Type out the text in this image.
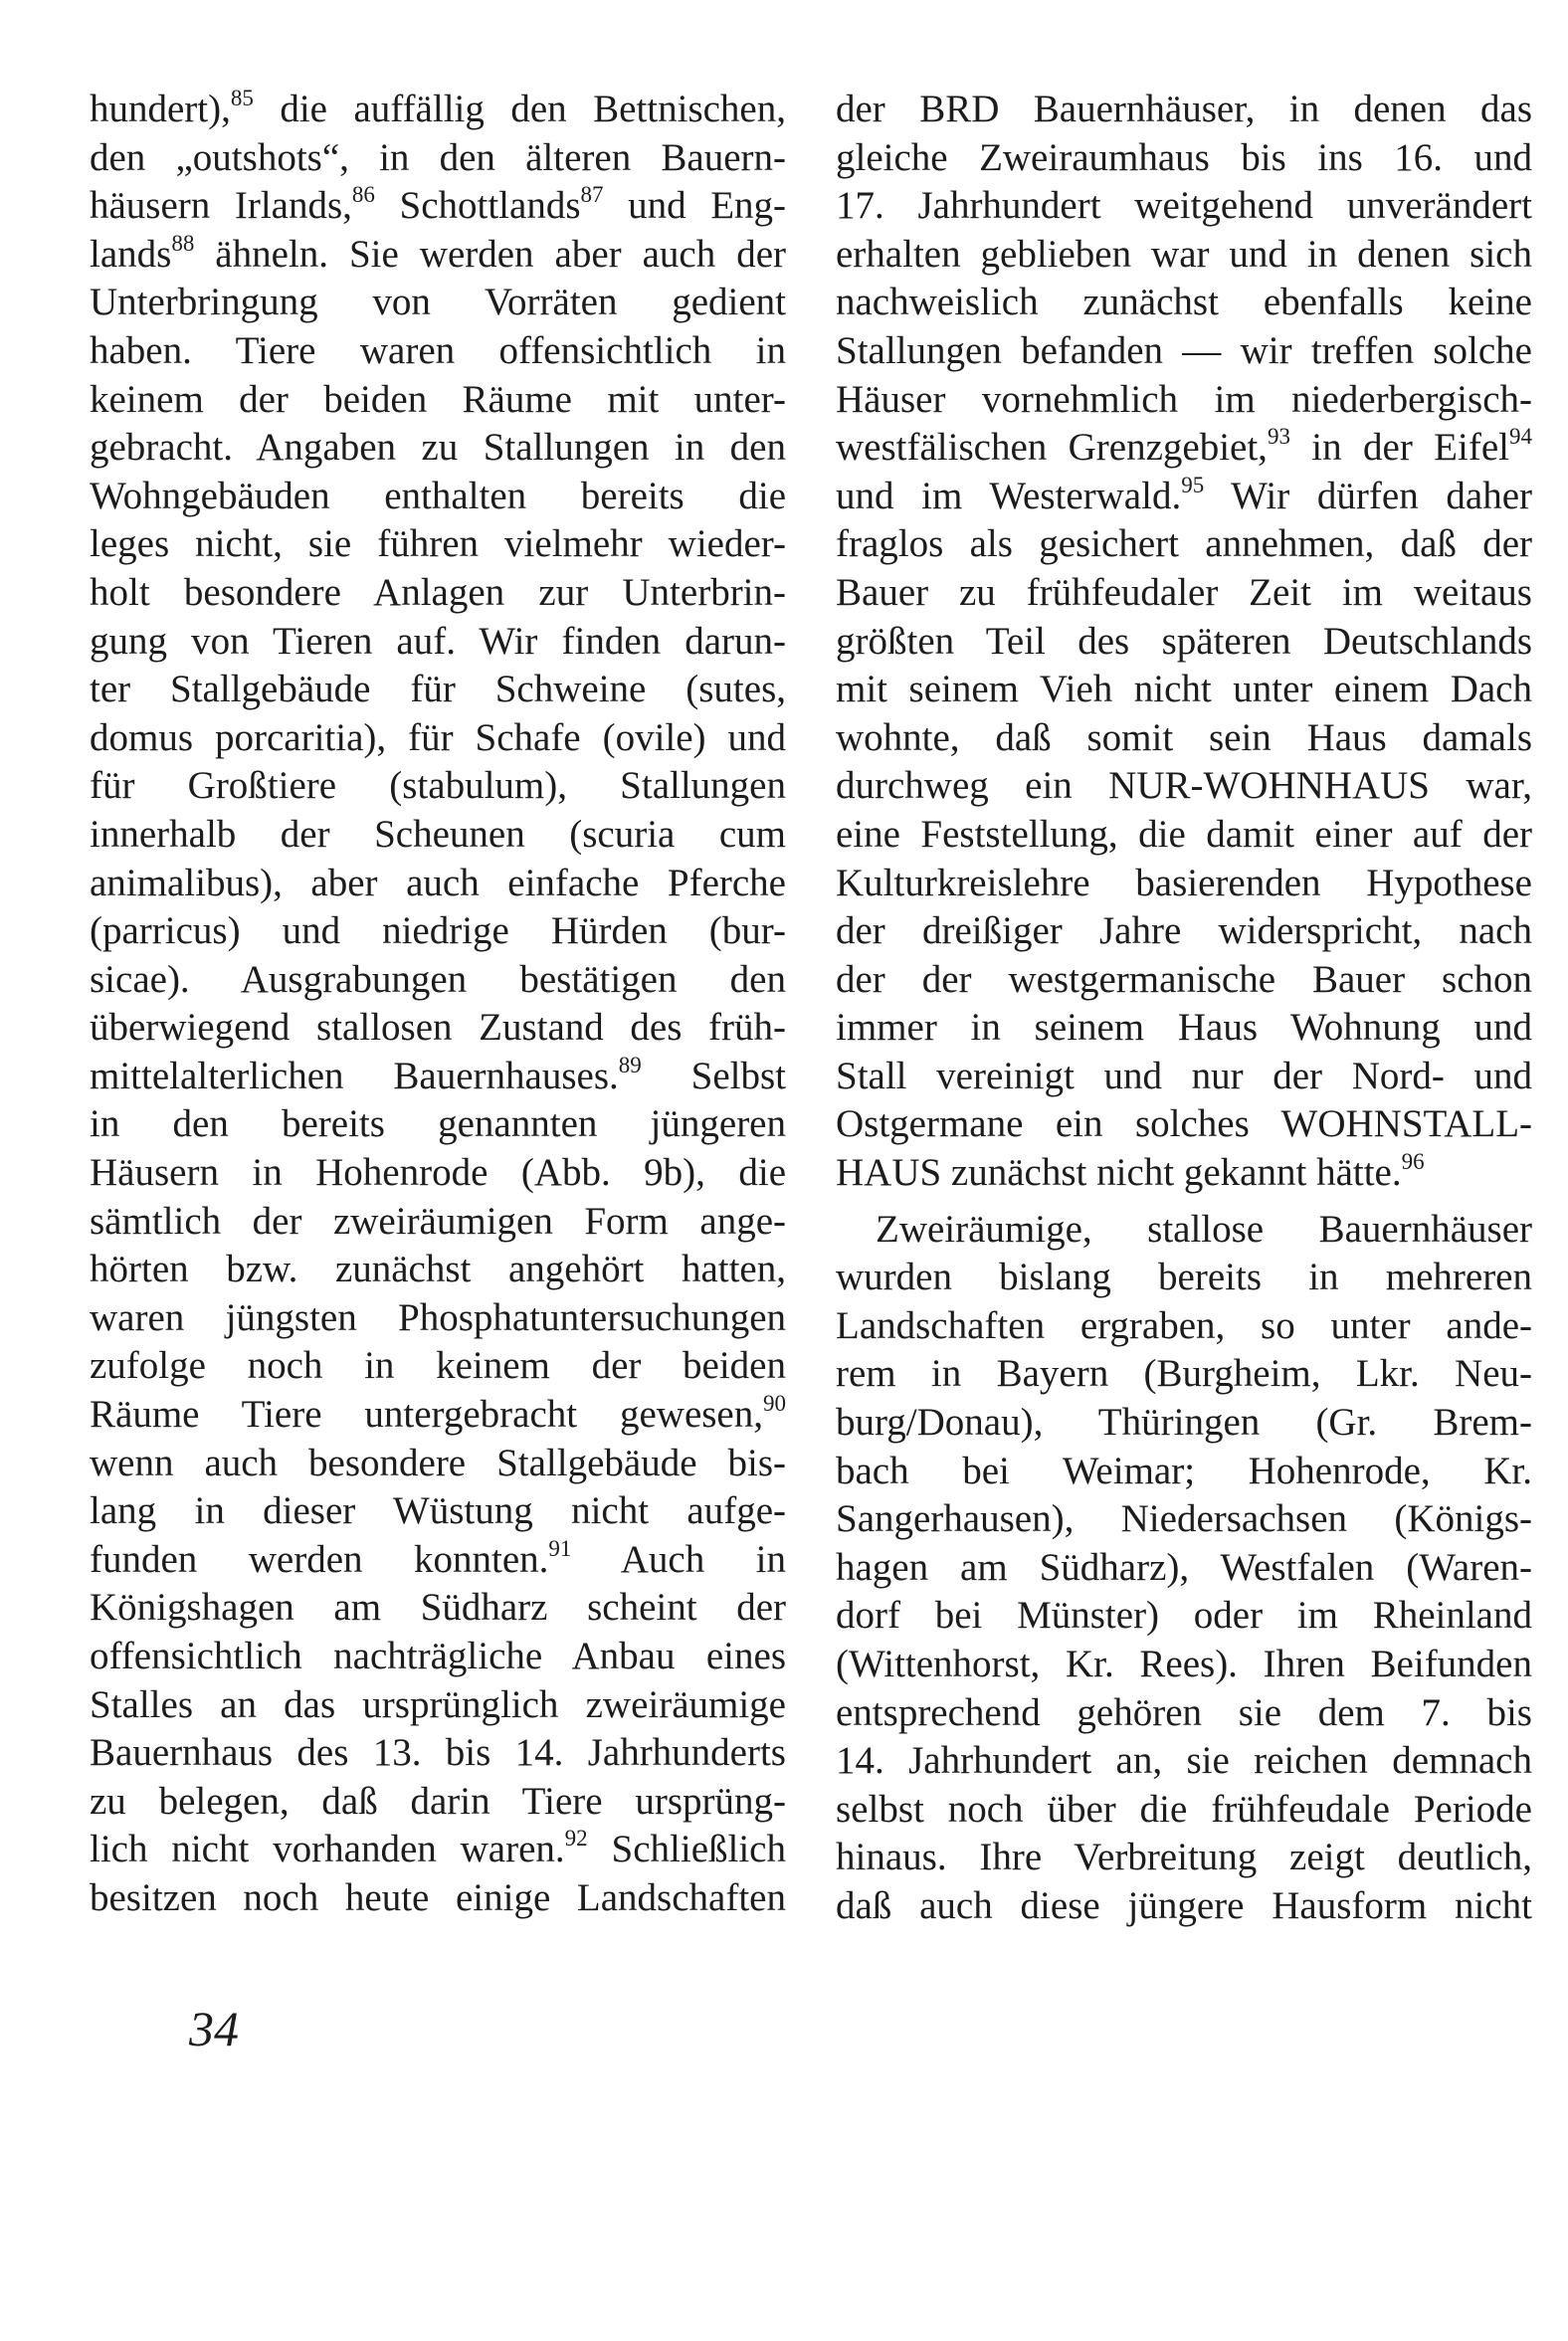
hundert),$^{85}$ die auffällig den Bettnischen,
den „outshots“, in den älteren Bauern-
häusern Irlands,$^{86}$ Schottlands$^{87}$ und Eng-
lands$^{88}$ ähneln. Sie werden aber auch der
Unterbringung von Vorräten gedient
haben. Tiere waren offensichtlich in
keinem der beiden Räume mit unter-
gebracht. Angaben zu Stallungen in den
Wohngebäuden enthalten bereits die
leges nicht, sie führen vielmehr wieder-
holt besondere Anlagen zur Unterbrin-
gung von Tieren auf. Wir finden darun-
ter Stallgebäude für Schweine (sutes,
domus porcaritia), für Schafe (ovile) und
für Großtiere (stabulum), Stallungen
innerhalb der Scheunen (scuria cum
animalibus), aber auch einfache Pferche
(parricus) und niedrige Hürden (bur-
sicae). Ausgrabungen bestätigen den
überwiegend stallosen Zustand des früh-
mittelalterlichen Bauernhauses.$^{89}$ Selbst
in den bereits genannten jüngeren
Häusern in Hohenrode (Abb. 9b), die
sämtlich der zweiräumigen Form ange-
hörten bzw. zunächst angehört hatten,
waren jüngsten Phosphatuntersuchungen
zufolge noch in keinem der beiden
Räume Tiere untergebracht gewesen,$^{90}$
wenn auch besondere Stallgebäude bis-
lang in dieser Wüstung nicht aufge-
funden werden konnten.$^{91}$ Auch in
Königshagen am Südharz scheint der
offensichtlich nachträgliche Anbau eines
Stalles an das ursprünglich zweiräumige
Bauernhaus des 13. bis 14. Jahrhunderts
zu belegen, daß darin Tiere ursprüng-
lich nicht vorhanden waren.$^{92}$ Schließlich
besitzen noch heute einige Landschaften
der BRD Bauernhäuser, in denen das
gleiche Zweiraumhaus bis ins 16. und
17. Jahrhundert weitgehend unverändert
erhalten geblieben war und in denen sich
nachweislich zunächst ebenfalls keine
Stallungen befanden — wir treffen solche
Häuser vornehmlich im niederbergisch-
westfälischen Grenzgebiet,$^{93}$ in der Eifel$^{94}$
und im Westerwald.$^{95}$ Wir dürfen daher
fraglos als gesichert annehmen, daß der
Bauer zu frühfeudaler Zeit im weitaus
größten Teil des späteren Deutschlands
mit seinem Vieh nicht unter einem Dach
wohnte, daß somit sein Haus damals
durchweg ein NUR-WOHNHAUS war,
eine Feststellung, die damit einer auf der
Kulturkreislehre basierenden Hypothese
der dreißiger Jahre widerspricht, nach
der der westgermanische Bauer schon
immer in seinem Haus Wohnung und
Stall vereinigt und nur der Nord- und
Ostgermane ein solches WOHNSTALL-
HAUS zunächst nicht gekannt hätte.$^{96}$
Zweiräumige, stallose Bauernhäuser
wurden bislang bereits in mehreren
Landschaften ergraben, so unter ande-
rem in Bayern (Burgheim, Lkr. Neu-
burg/Donau), Thüringen (Gr. Brem-
bach bei Weimar; Hohenrode, Kr.
Sangerhausen), Niedersachsen (Königs-
hagen am Südharz), Westfalen (Waren-
dorf bei Münster) oder im Rheinland
(Wittenhorst, Kr. Rees). Ihren Beifunden
entsprechend gehören sie dem 7. bis
14. Jahrhundert an, sie reichen demnach
selbst noch über die frühfeudale Periode
hinaus. Ihre Verbreitung zeigt deutlich,
daß auch diese jüngere Hausform nicht
34
